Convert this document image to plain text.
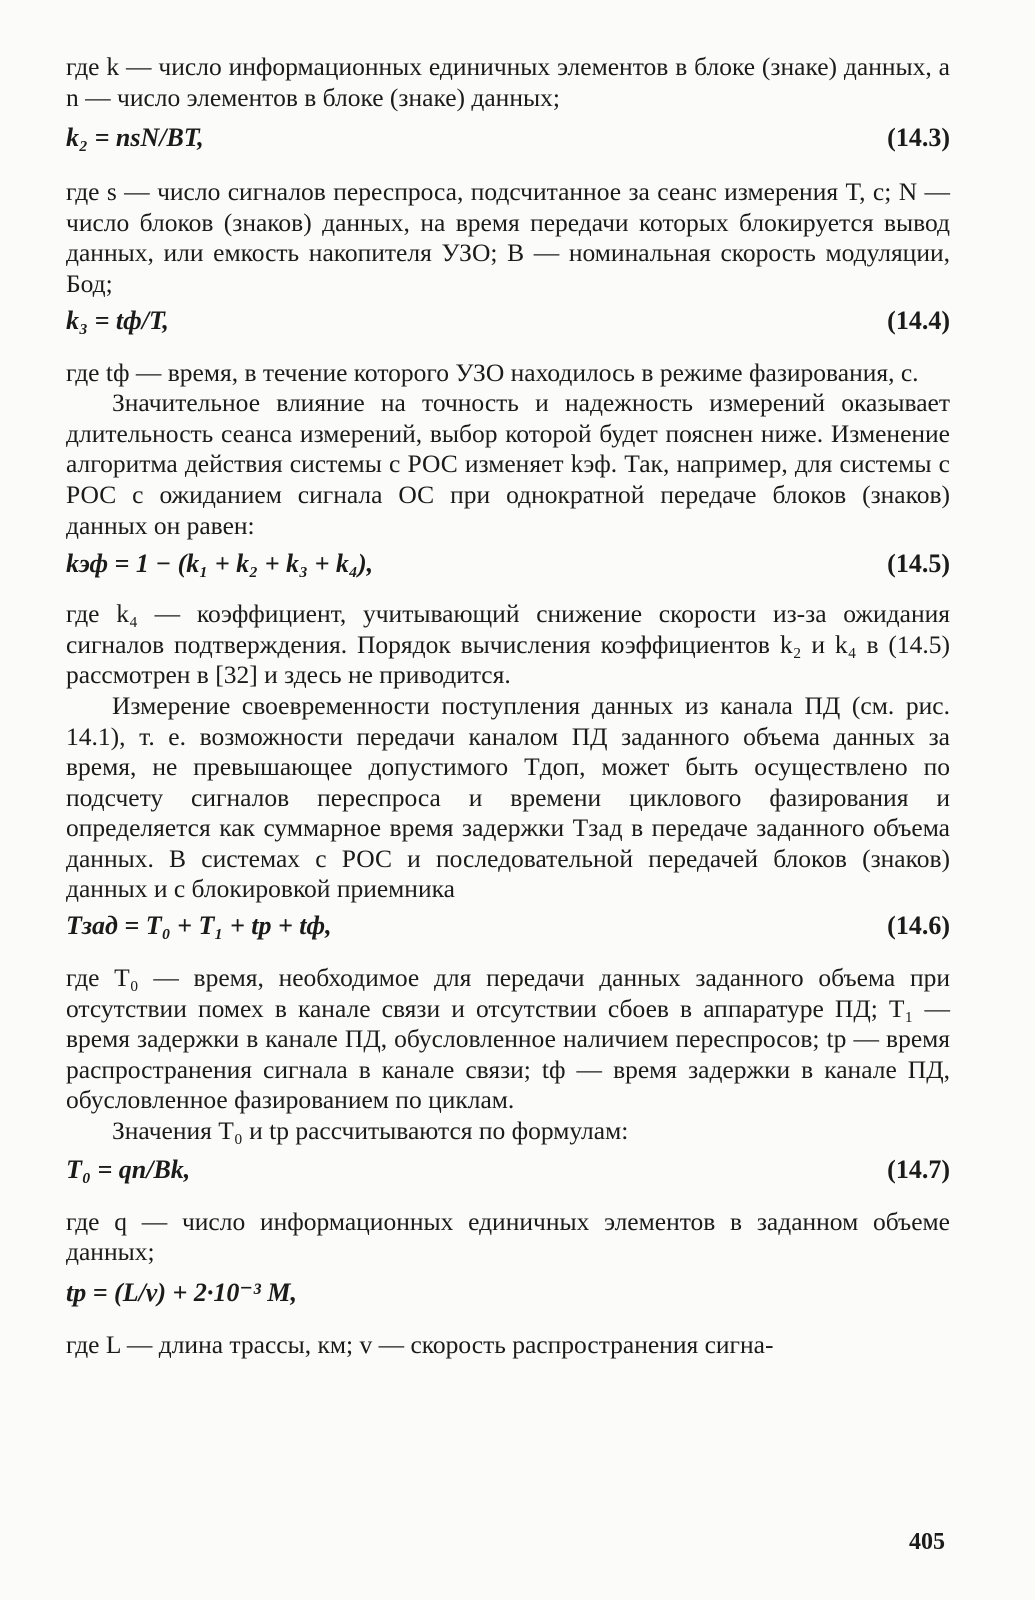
где k — число информационных единичных элементов в блоке (знаке) данных, а n — число элементов в блоке (знаке) данных;

k₂ = nsN/BT,	(14.3)

где s — число сигналов переспроса, подсчитанное за сеанс измерения T, с; N — число блоков (знаков) данных, на время передачи которых блокируется вывод данных, или емкость накопителя УЗО; B — номинальная скорость модуляции, Бод;

k₃ = tф/T,	(14.4)

где tф — время, в течение которого УЗО находилось в режиме фазирования, с.

Значительное влияние на точность и надежность измерений оказывает длительность сеанса измерений, выбор которой будет пояснен ниже. Изменение алгоритма действия системы с РОС изменяет kэф. Так, например, для системы с РОС с ожиданием сигнала ОС при однократной передаче блоков (знаков) данных он равен:

kэф = 1 − (k₁ + k₂ + k₃ + k₄),	(14.5)

где k₄ — коэффициент, учитывающий снижение скорости из-за ожидания сигналов подтверждения. Порядок вычисления коэффициентов k₂ и k₄ в (14.5) рассмотрен в [32] и здесь не приводится.

Измерение своевременности поступления данных из канала ПД (см. рис. 14.1), т. е. возможности передачи каналом ПД заданного объема данных за время, не превышающее допустимого Tдоп, может быть осуществлено по подсчету сигналов переспроса и времени циклового фазирования и определяется как суммарное время задержки Tзад в передаче заданного объема данных. В системах с РОС и последовательной передачей блоков (знаков) данных и с блокировкой приемника

Tзад = T₀ + T₁ + tр + tф,	(14.6)

где T₀ — время, необходимое для передачи данных заданного объема при отсутствии помех в канале связи и отсутствии сбоев в аппаратуре ПД; T₁ — время задержки в канале ПД, обусловленное наличием переспросов; tр — время распространения сигнала в канале связи; tф — время задержки в канале ПД, обусловленное фазированием по циклам.

Значения T₀ и tр рассчитываются по формулам:

T₀ = qn/Bk,	(14.7)

где q — число информационных единичных элементов в заданном объеме данных;

tр = (L/v) + 2·10⁻³ M,

где L — длина трассы, км; v — скорость распространения сигна-

405
